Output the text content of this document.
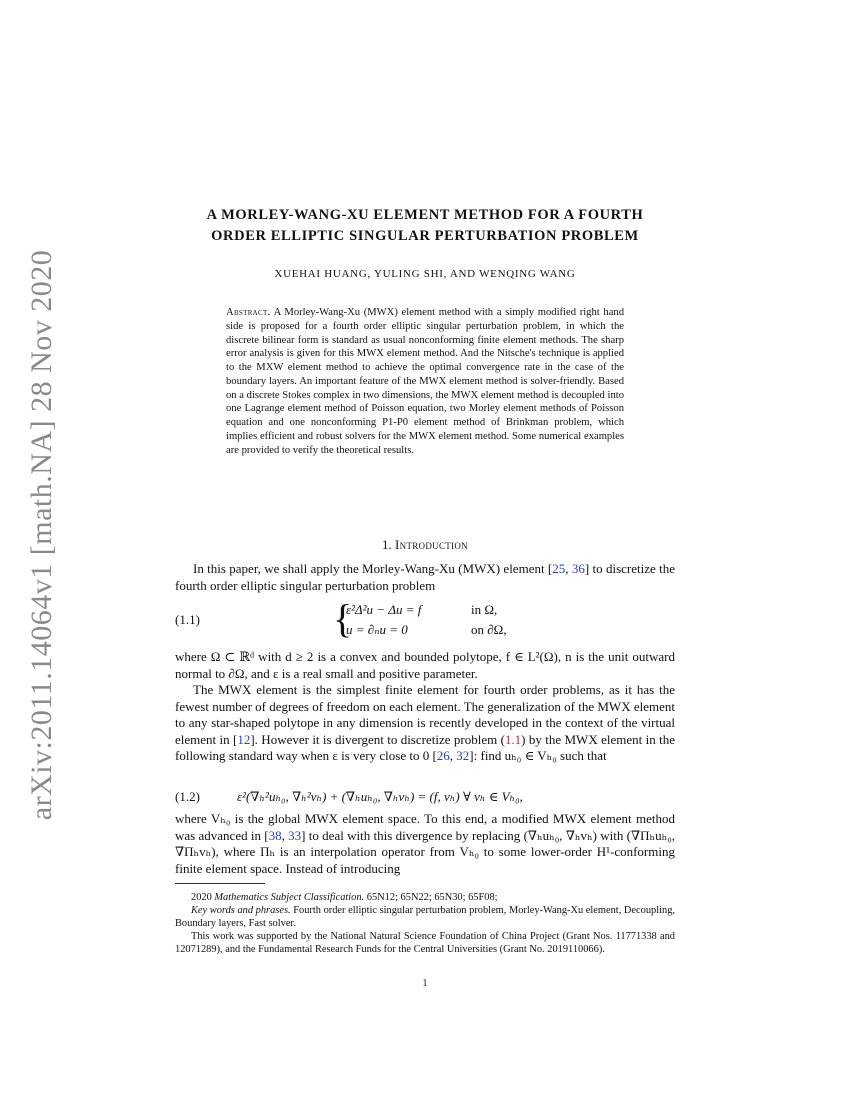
arXiv:2011.14064v1 [math.NA] 28 Nov 2020
A MORLEY-WANG-XU ELEMENT METHOD FOR A FOURTH
ORDER ELLIPTIC SINGULAR PERTURBATION PROBLEM
XUEHAI HUANG, YULING SHI, AND WENQING WANG
Abstract. A Morley-Wang-Xu (MWX) element method with a simply modified right hand side is proposed for a fourth order elliptic singular perturbation problem, in which the discrete bilinear form is standard as usual nonconforming finite element methods. The sharp error analysis is given for this MWX element method. And the Nitsche's technique is applied to the MXW element method to achieve the optimal convergence rate in the case of the boundary layers. An important feature of the MWX element method is solver-friendly. Based on a discrete Stokes complex in two dimensions, the MWX element method is decoupled into one Lagrange element method of Poisson equation, two Morley element methods of Poisson equation and one nonconforming P1-P0 element method of Brinkman problem, which implies efficient and robust solvers for the MWX element method. Some numerical examples are provided to verify the theoretical results.
1. Introduction
In this paper, we shall apply the Morley-Wang-Xu (MWX) element [25, 36] to discretize the fourth order elliptic singular perturbation problem
(1.1)	{
ε²Δ²u − Δu = f	in Ω,
u = ∂ₙu = 0	on ∂Ω,
where Ω ⊂ ℝᵈ with d ≥ 2 is a convex and bounded polytope, f ∈ L²(Ω), n is the unit outward normal to ∂Ω, and ε is a real small and positive parameter.
The MWX element is the simplest finite element for fourth order problems, as it has the fewest number of degrees of freedom on each element. The generalization of the MWX element to any star-shaped polytope in any dimension is recently developed in the context of the virtual element in [12]. However it is divergent to discretize problem (1.1) by the MWX element in the following standard way when ε is very close to 0 [26, 32]: find uₕ₀ ∈ Vₕ₀ such that
(1.2)	ε²(∇ₕ²uₕ₀, ∇ₕ²vₕ) + (∇ₕuₕ₀, ∇ₕvₕ) = (f, vₕ) ∀ vₕ ∈ Vₕ₀,
where Vₕ₀ is the global MWX element space. To this end, a modified MWX element method was advanced in [38, 33] to deal with this divergence by replacing (∇ₕuₕ₀, ∇ₕvₕ) with (∇Πₕuₕ₀, ∇Πₕvₕ), where Πₕ is an interpolation operator from Vₕ₀ to some lower-order H¹-conforming finite element space. Instead of introducing

2020 Mathematics Subject Classification. 65N12; 65N22; 65N30; 65F08;

Key words and phrases. Fourth order elliptic singular perturbation problem, Morley-Wang-Xu element, Decoupling, Boundary layers, Fast solver.

This work was supported by the National Natural Science Foundation of China Project (Grant Nos. 11771338 and 12071289), and the Fundamental Research Funds for the Central Universities (Grant No. 2019110066).

1
